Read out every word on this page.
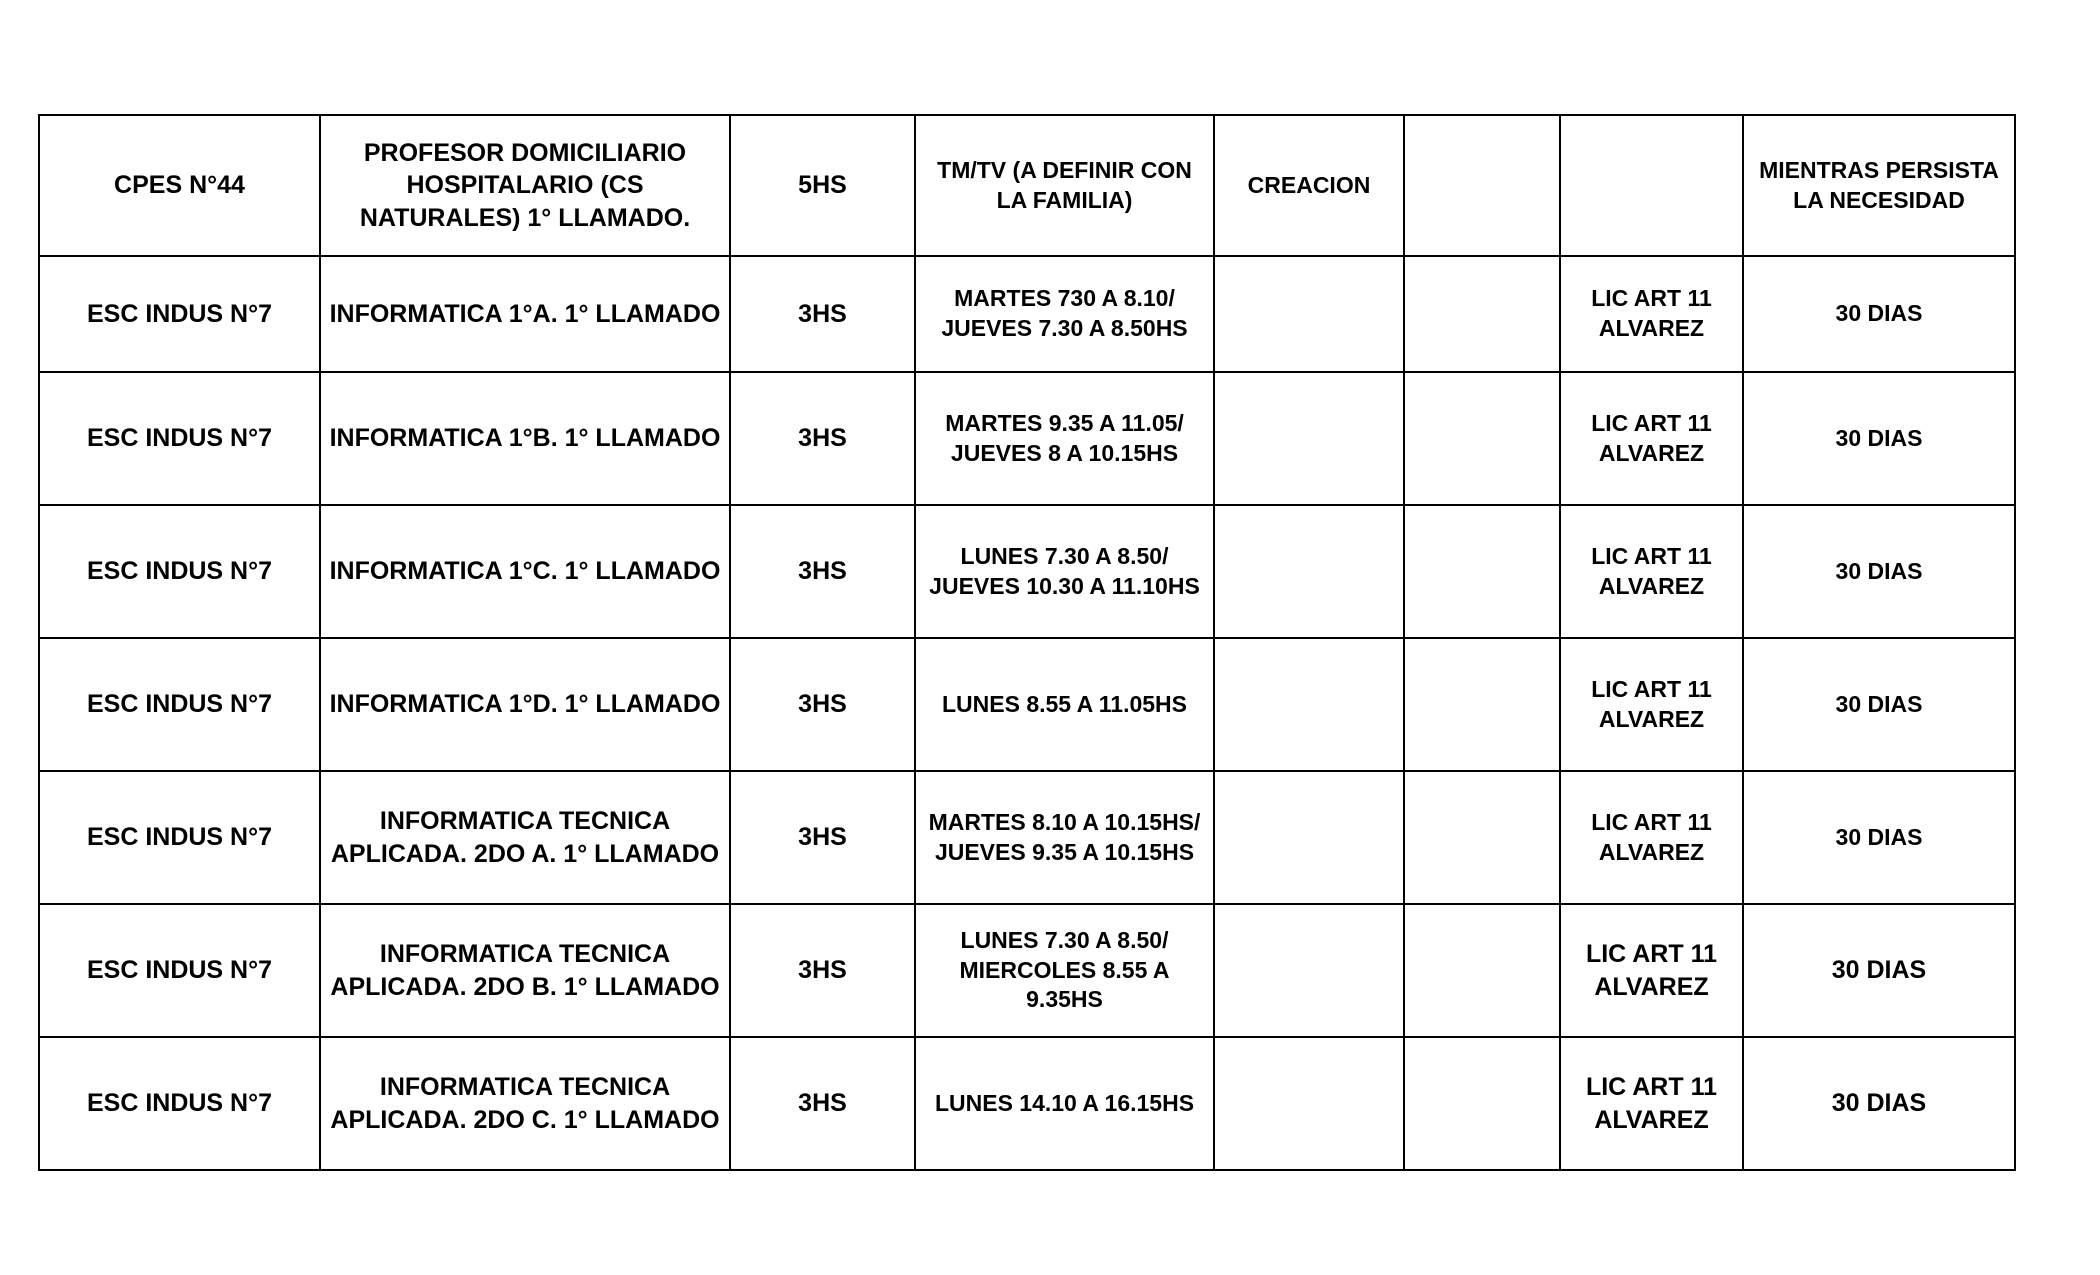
CPES N°44	PROFESOR DOMICILIARIO HOSPITALARIO (CS NATURALES) 1° LLAMADO.	5HS	TM/TV (A DEFINIR CON LA FAMILIA)	CREACION			MIENTRAS PERSISTA LA NECESIDAD

ESC INDUS N°7	INFORMATICA 1°A. 1° LLAMADO	3HS	MARTES 730 A 8.10/ JUEVES 7.30 A 8.50HS			LIC ART 11 ALVAREZ	30 DIAS

ESC INDUS N°7	INFORMATICA 1°B. 1° LLAMADO	3HS	MARTES 9.35 A 11.05/ JUEVES 8 A 10.15HS			LIC ART 11 ALVAREZ	30 DIAS

ESC INDUS N°7	INFORMATICA 1°C. 1° LLAMADO	3HS	LUNES 7.30 A 8.50/ JUEVES 10.30 A 11.10HS			LIC ART 11 ALVAREZ	30 DIAS

ESC INDUS N°7	INFORMATICA 1°D. 1° LLAMADO	3HS	LUNES 8.55 A 11.05HS			LIC ART 11 ALVAREZ	30 DIAS

ESC INDUS N°7	INFORMATICA TECNICA APLICADA. 2DO A. 1° LLAMADO	3HS	MARTES 8.10 A 10.15HS/ JUEVES 9.35 A 10.15HS			LIC ART 11 ALVAREZ	30 DIAS

ESC INDUS N°7	INFORMATICA TECNICA APLICADA. 2DO B. 1° LLAMADO	3HS	LUNES 7.30 A 8.50/ MIERCOLES 8.55 A 9.35HS			LIC ART 11 ALVAREZ	30 DIAS

ESC INDUS N°7	INFORMATICA TECNICA APLICADA. 2DO C. 1° LLAMADO	3HS	LUNES 14.10 A 16.15HS			LIC ART 11 ALVAREZ	30 DIAS
